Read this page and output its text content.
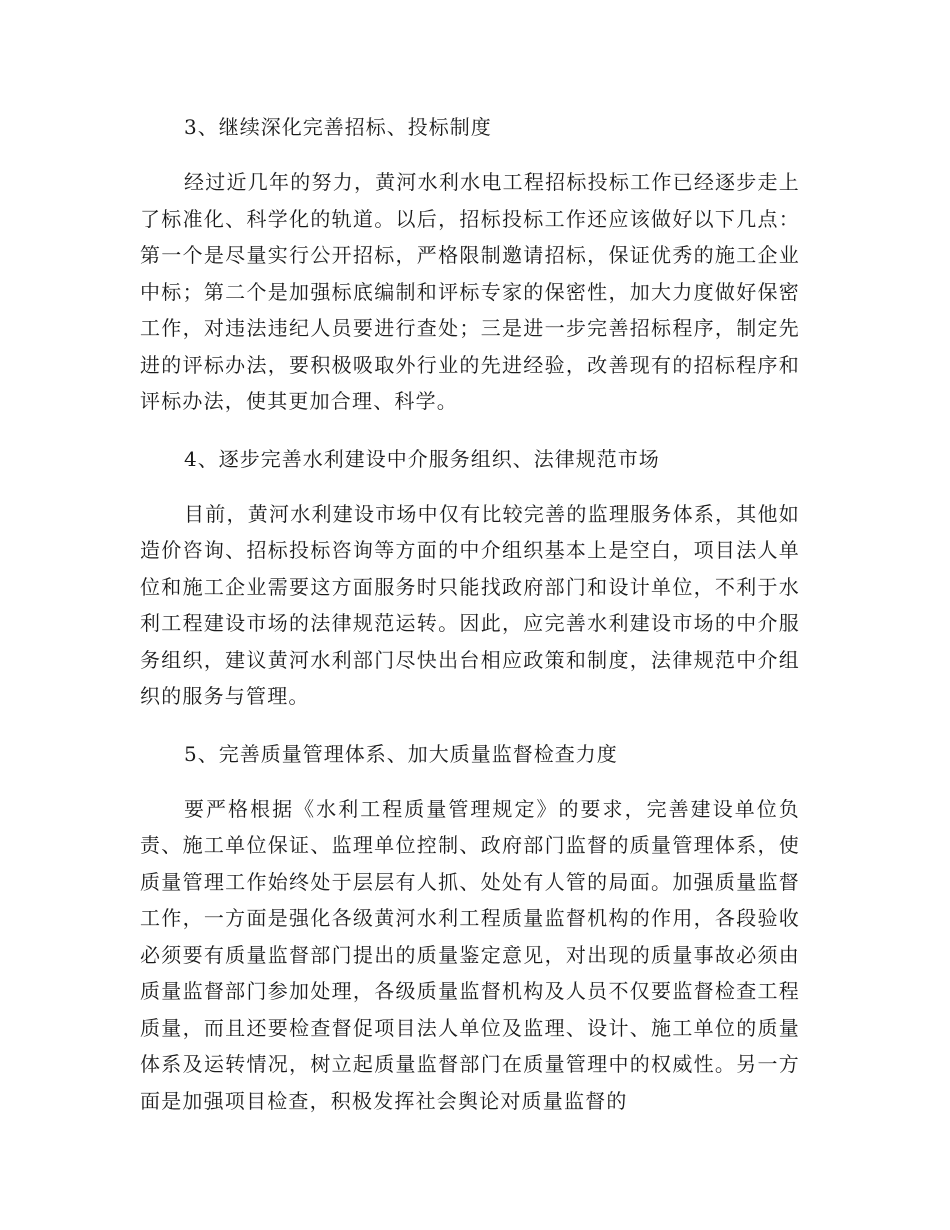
3、继续深化完善招标、投标制度

经过近几年的努力，黄河水利水电工程招标投标工作已经逐步走上了标准化、科学化的轨道。以后，招标投标工作还应该做好以下几点：第一个是尽量实行公开招标，严格限制邀请招标，保证优秀的施工企业中标；第二个是加强标底编制和评标专家的保密性，加大力度做好保密工作，对违法违纪人员要进行查处；三是进一步完善招标程序，制定先进的评标办法，要积极吸取外行业的先进经验，改善现有的招标程序和评标办法，使其更加合理、科学。

4、逐步完善水利建设中介服务组织、法律规范市场

目前，黄河水利建设市场中仅有比较完善的监理服务体系，其他如造价咨询、招标投标咨询等方面的中介组织基本上是空白，项目法人单位和施工企业需要这方面服务时只能找政府部门和设计单位，不利于水利工程建设市场的法律规范运转。因此，应完善水利建设市场的中介服务组织，建议黄河水利部门尽快出台相应政策和制度，法律规范中介组织的服务与管理。

5、完善质量管理体系、加大质量监督检查力度

要严格根据《水利工程质量管理规定》的要求，完善建设单位负责、施工单位保证、监理单位控制、政府部门监督的质量管理体系，使质量管理工作始终处于层层有人抓、处处有人管的局面。加强质量监督工作，一方面是强化各级黄河水利工程质量监督机构的作用，各段验收必须要有质量监督部门提出的质量鉴定意见，对出现的质量事故必须由质量监督部门参加处理，各级质量监督机构及人员不仅要监督检查工程质量，而且还要检查督促项目法人单位及监理、设计、施工单位的质量体系及运转情况，树立起质量监督部门在质量管理中的权威性。另一方面是加强项目检查，积极发挥社会舆论对质量监督的
